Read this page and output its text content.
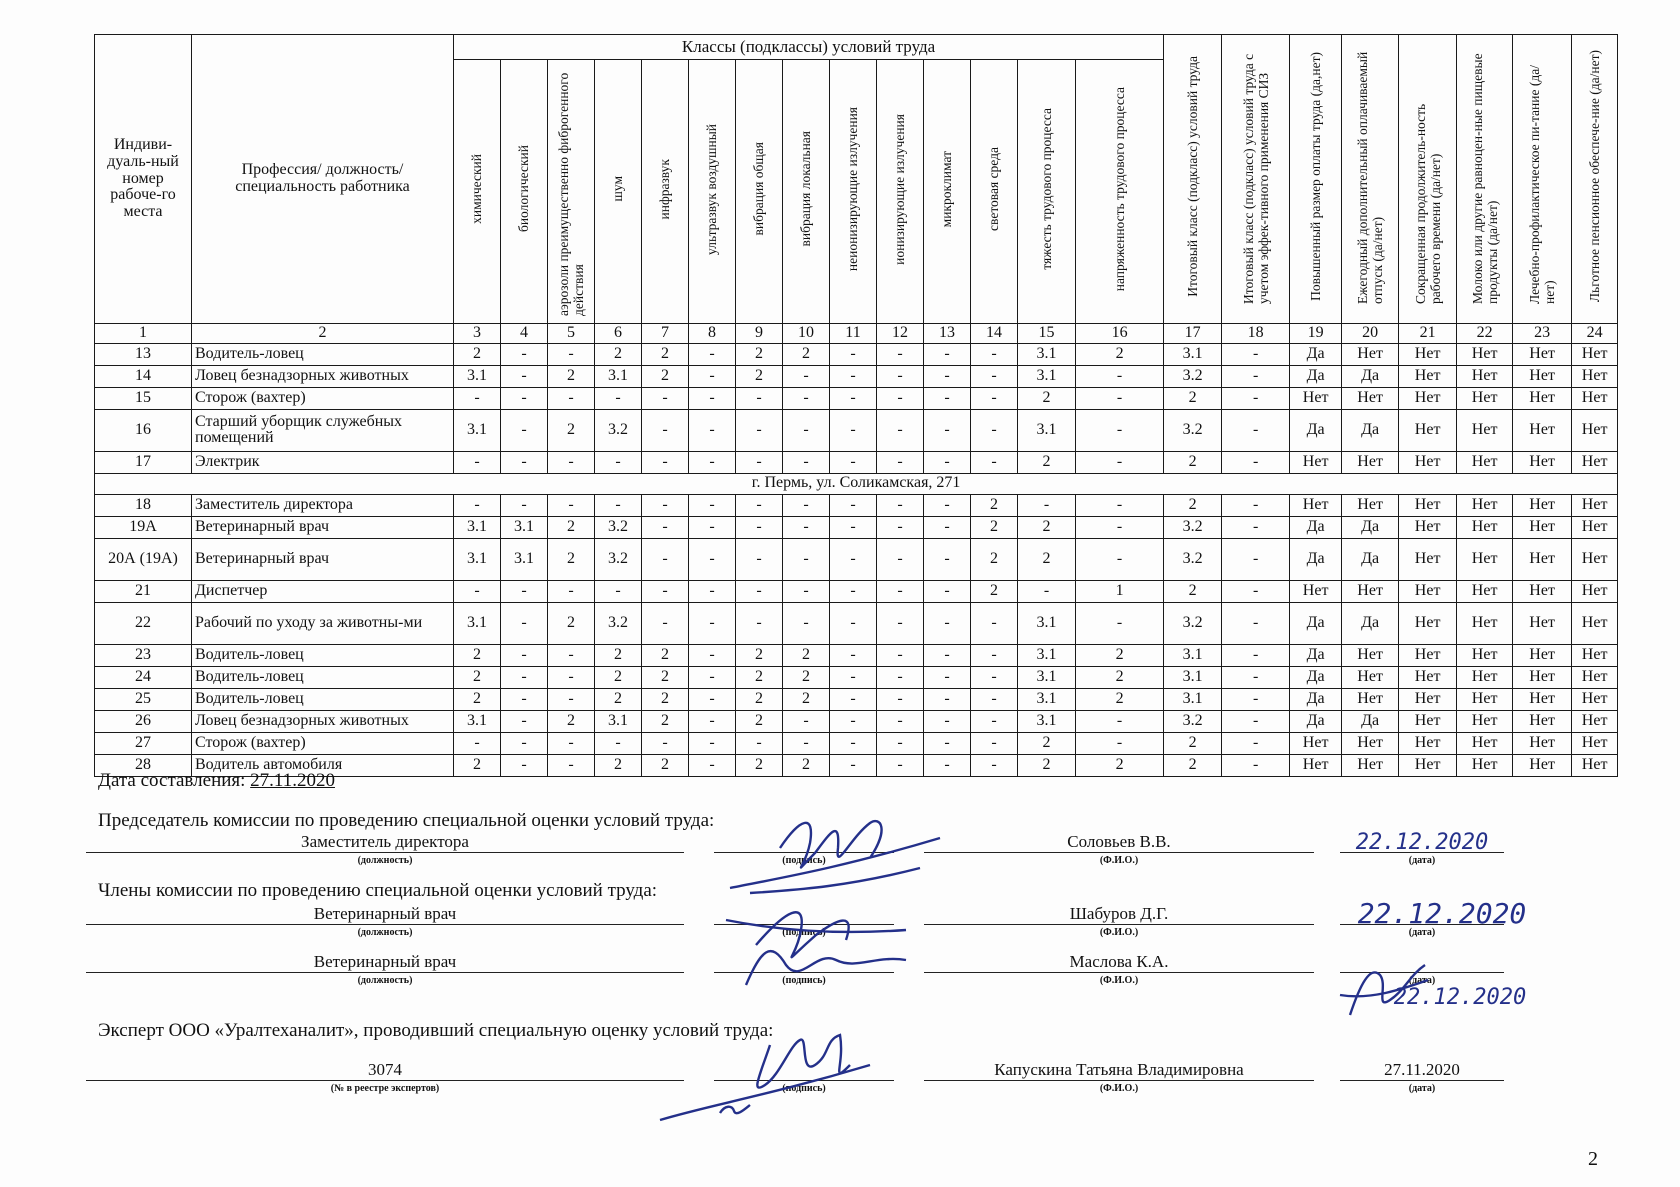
Индиви-дуаль-ный номер рабоче-го места	Профессия/ должность/ специальность работника	Классы (подклассы) условий труда														Итоговый класс (подкласс) условий труда	Итоговый класс (подкласс) условий труда с учетом эффек-тивного применения СИЗ	Повышенный размер оплаты труда (да,нет)	Ежегодный дополнительный оплачиваемый отпуск (да/нет)	Сокращенная продолжитель-ность рабочего времени (да/нет)	Молоко или другие равноцен-ные пищевые продукты (да/нет)	Лечебно-профилактическое пи-тание (да/нет)	Льготное пенсионное обеспече-ние (да/нет)
		химический	биологический	аэрозоли преимущественно фиброгенного действия	шум	инфразвук	ультразвук воздушный	вибрация общая	вибрация локальная	неионизирующие излучения	ионизирующие излучения	микроклимат	световая среда	тяжесть трудового процесса	напряженность трудового процесса								
1	2	3	4	5	6	7	8	9	10	11	12	13	14	15	16	17	18	19	20	21	22	23	24
13	Водитель-ловец	2	-	-	2	2	-	2	2	-	-	-	-	3.1	2	3.1	-	Да	Нет	Нет	Нет	Нет	Нет
14	Ловец безнадзорных животных	3.1	-	2	3.1	2	-	2	-	-	-	-	-	3.1	-	3.2	-	Да	Да	Нет	Нет	Нет	Нет
15	Сторож (вахтер)	-	-	-	-	-	-	-	-	-	-	-	-	2	-	2	-	Нет	Нет	Нет	Нет	Нет	Нет
16	Старший уборщик служебных помещений	3.1	-	2	3.2	-	-	-	-	-	-	-	-	3.1	-	3.2	-	Да	Да	Нет	Нет	Нет	Нет
17	Электрик	-	-	-	-	-	-	-	-	-	-	-	-	2	-	2	-	Нет	Нет	Нет	Нет	Нет	Нет
г. Пермь, ул. Соликамская, 271																							
18	Заместитель директора	-	-	-	-	-	-	-	-	-	-	-	2	-	-	2	-	Нет	Нет	Нет	Нет	Нет	Нет
19А	Ветеринарный врач	3.1	3.1	2	3.2	-	-	-	-	-	-	-	2	2	-	3.2	-	Да	Да	Нет	Нет	Нет	Нет
20А (19А)	Ветеринарный врач	3.1	3.1	2	3.2	-	-	-	-	-	-	-	2	2	-	3.2	-	Да	Да	Нет	Нет	Нет	Нет
21	Диспетчер	-	-	-	-	-	-	-	-	-	-	-	2	-	1	2	-	Нет	Нет	Нет	Нет	Нет	Нет
22	Рабочий по уходу за животны-ми	3.1	-	2	3.2	-	-	-	-	-	-	-	-	3.1	-	3.2	-	Да	Да	Нет	Нет	Нет	Нет
23	Водитель-ловец	2	-	-	2	2	-	2	2	-	-	-	-	3.1	2	3.1	-	Да	Нет	Нет	Нет	Нет	Нет
24	Водитель-ловец	2	-	-	2	2	-	2	2	-	-	-	-	3.1	2	3.1	-	Да	Нет	Нет	Нет	Нет	Нет
25	Водитель-ловец	2	-	-	2	2	-	2	2	-	-	-	-	3.1	2	3.1	-	Да	Нет	Нет	Нет	Нет	Нет
26	Ловец безнадзорных животных	3.1	-	2	3.1	2	-	2	-	-	-	-	-	3.1	-	3.2	-	Да	Да	Нет	Нет	Нет	Нет
27	Сторож (вахтер)	-	-	-	-	-	-	-	-	-	-	-	-	2	-	2	-	Нет	Нет	Нет	Нет	Нет	Нет
28	Водитель автомобиля	2	-	-	2	2	-	2	2	-	-	-	-	2	2	2	-	Нет	Нет	Нет	Нет	Нет	Нет
Дата составления: 27.11.2020
Председатель комиссии по проведению специальной оценки условий труда:
Заместитель директора
(должность)	(подпись)
Соловьев В.В.
(Ф.И.О.)
22.12.2020
(дата)
Члены комиссии по проведению специальной оценки условий труда:
Ветеринарный врач
(должность)	(подпись)
Шабуров Д.Г.
(Ф.И.О.)
22.12.2020
(дата)
Ветеринарный врач
(должность)	(подпись)
Маслова К.А.
(Ф.И.О.)
22.12.2020
(дата)
Эксперт ООО «Уралтеханалит», проводивший специальную оценку условий труда:
3074
(№ в реестре экспертов)	(подпись)
Капускина Татьяна Владимировна
(Ф.И.О.)
27.11.2020
(дата)
2
